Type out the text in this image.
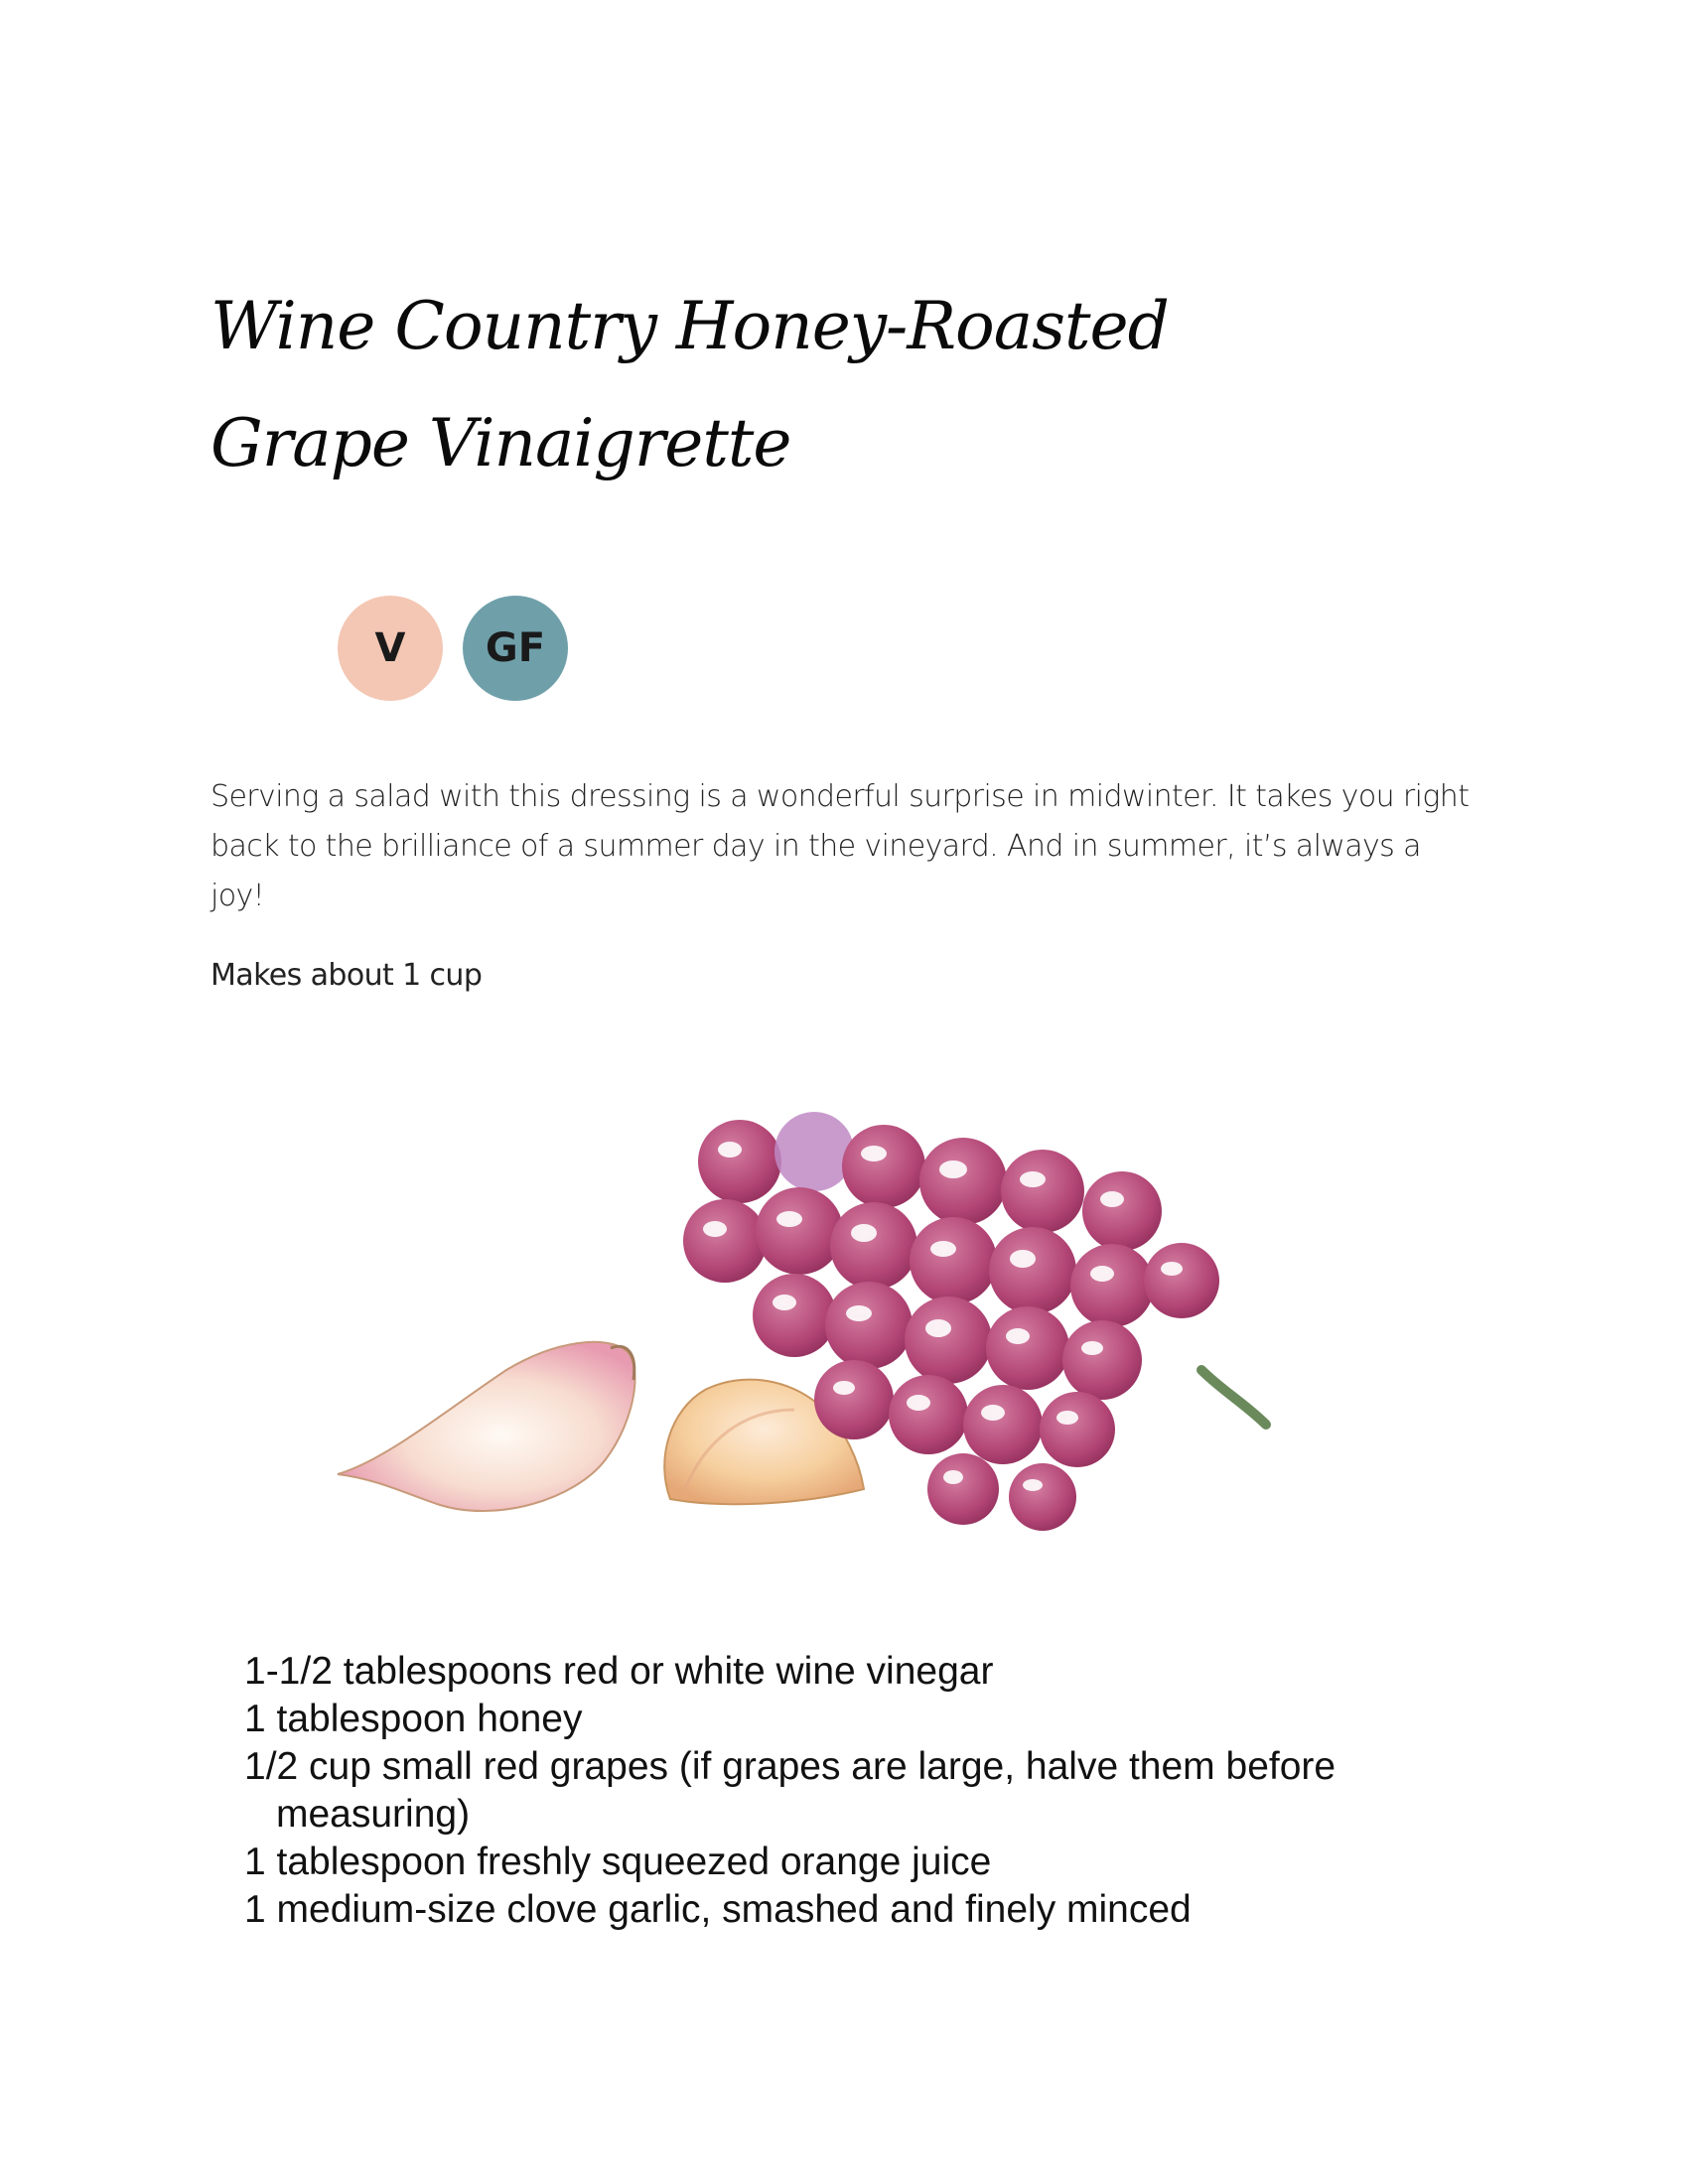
Wine Country Honey-Roasted Grape Vinaigrette
V	GF

Serving a salad with this dressing is a wonderful surprise in midwinter. It takes you right back to the brilliance of a summer day in the vineyard. And in summer, it’s always a joy!

Makes about 1 cup

1-1/2 tablespoons red or white wine vinegar
1 tablespoon honey
1/2 cup small red grapes (if grapes are large, halve them before measuring)
1 tablespoon freshly squeezed orange juice
1 medium-size clove garlic, smashed and finely minced
